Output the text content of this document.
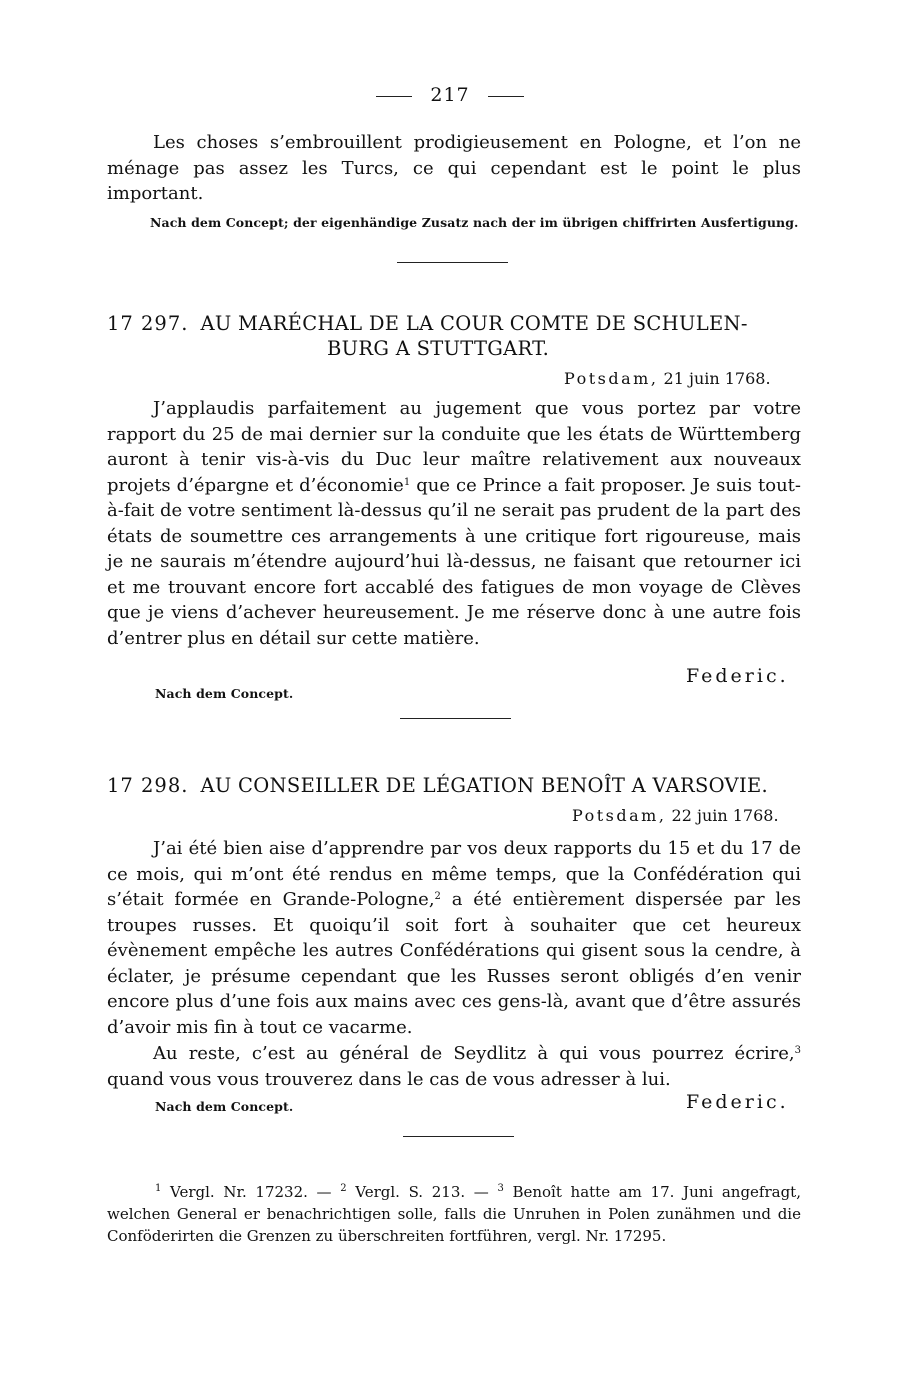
217
Les choses s’embrouillent prodigieusement en Pologne, et l’on ne ménage pas assez les Turcs, ce qui cependant est le point le plus important.
Nach dem Concept; der eigenhändige Zusatz nach der im übrigen chiffrirten Ausfertigung.
17 297. AU MARÉCHAL DE LA COUR COMTE DE SCHULEN-
BURG A STUTTGART.
Potsdam, 21 juin 1768.
J’applaudis parfaitement au jugement que vous portez par votre rapport du 25 de mai dernier sur la conduite que les états de Württemberg auront à tenir vis-à-vis du Duc leur maître relativement aux nouveaux projets d’épargne et d’économie$^1$ que ce Prince a fait proposer. Je suis tout-à-fait de votre sentiment là-dessus qu’il ne serait pas prudent de la part des états de soumettre ces arrangements à une critique fort rigoureuse, mais je ne saurais m’étendre aujourd’hui là-dessus, ne faisant que retourner ici et me trouvant encore fort accablé des fatigues de mon voyage de Clèves que je viens d’achever heureusement. Je me réserve donc à une autre fois d’entrer plus en détail sur cette matière.
Federic.
Nach dem Concept.
17 298. AU CONSEILLER DE LÉGATION BENOÎT A VARSOVIE.
Potsdam, 22 juin 1768.
J’ai été bien aise d’apprendre par vos deux rapports du 15 et du 17 de ce mois, qui m’ont été rendus en même temps, que la Confédération qui s’était formée en Grande-Pologne,$^2$ a été entièrement dispersée par les troupes russes. Et quoiqu’il soit fort à souhaiter que cet heureux évènement empêche les autres Confédérations qui gisent sous la cendre, à éclater, je présume cependant que les Russes seront obligés d’en venir encore plus d’une fois aux mains avec ces gens-là, avant que d’être assurés d’avoir mis fin à tout ce vacarme.
Au reste, c’est au général de Seydlitz à qui vous pourrez écrire,$^3$ quand vous vous trouverez dans le cas de vous adresser à lui.
Nach dem Concept.	Federic.
$^1$ Vergl. Nr. 17232. — $^2$ Vergl. S. 213. — $^3$ Benoît hatte am 17. Juni angefragt, welchen General er benachrichtigen solle, falls die Unruhen in Polen zunähmen und die Conföderirten die Grenzen zu überschreiten fortführen, vergl. Nr. 17295.
